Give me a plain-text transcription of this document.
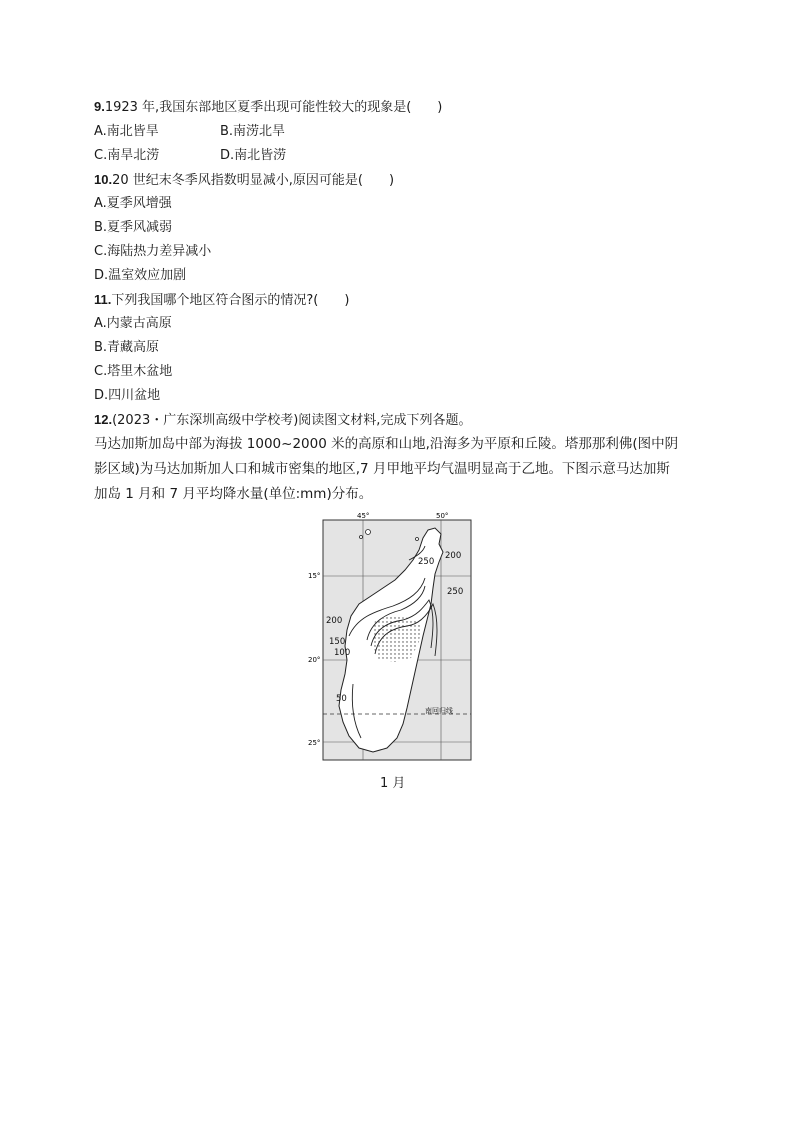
9.1923 年,我国东部地区夏季出现可能性较大的现象是(　　)
A.南北皆旱	B.南涝北旱
C.南旱北涝	D.南北皆涝
10.20 世纪末冬季风指数明显减小,原因可能是(　　)
A.夏季风增强
B.夏季风减弱
C.海陆热力差异减小
D.温室效应加剧
11.下列我国哪个地区符合图示的情况?(　　)
A.内蒙古高原
B.青藏高原
C.塔里木盆地
D.四川盆地
12.(2023・广东深圳高级中学校考)阅读图文材料,完成下列各题。
马达加斯加岛中部为海拔 1000~2000 米的高原和山地,沿海多为平原和丘陵。塔那那利佛(图中阴
影区域)为马达加斯加人口和城市密集的地区,7 月甲地平均气温明显高于乙地。下图示意马达加斯
加岛 1 月和 7 月平均降水量(单位:mm)分布。
45°	50°
15°
20°
25°
250
200
250
200
150
100
50
南回归线
1 月
